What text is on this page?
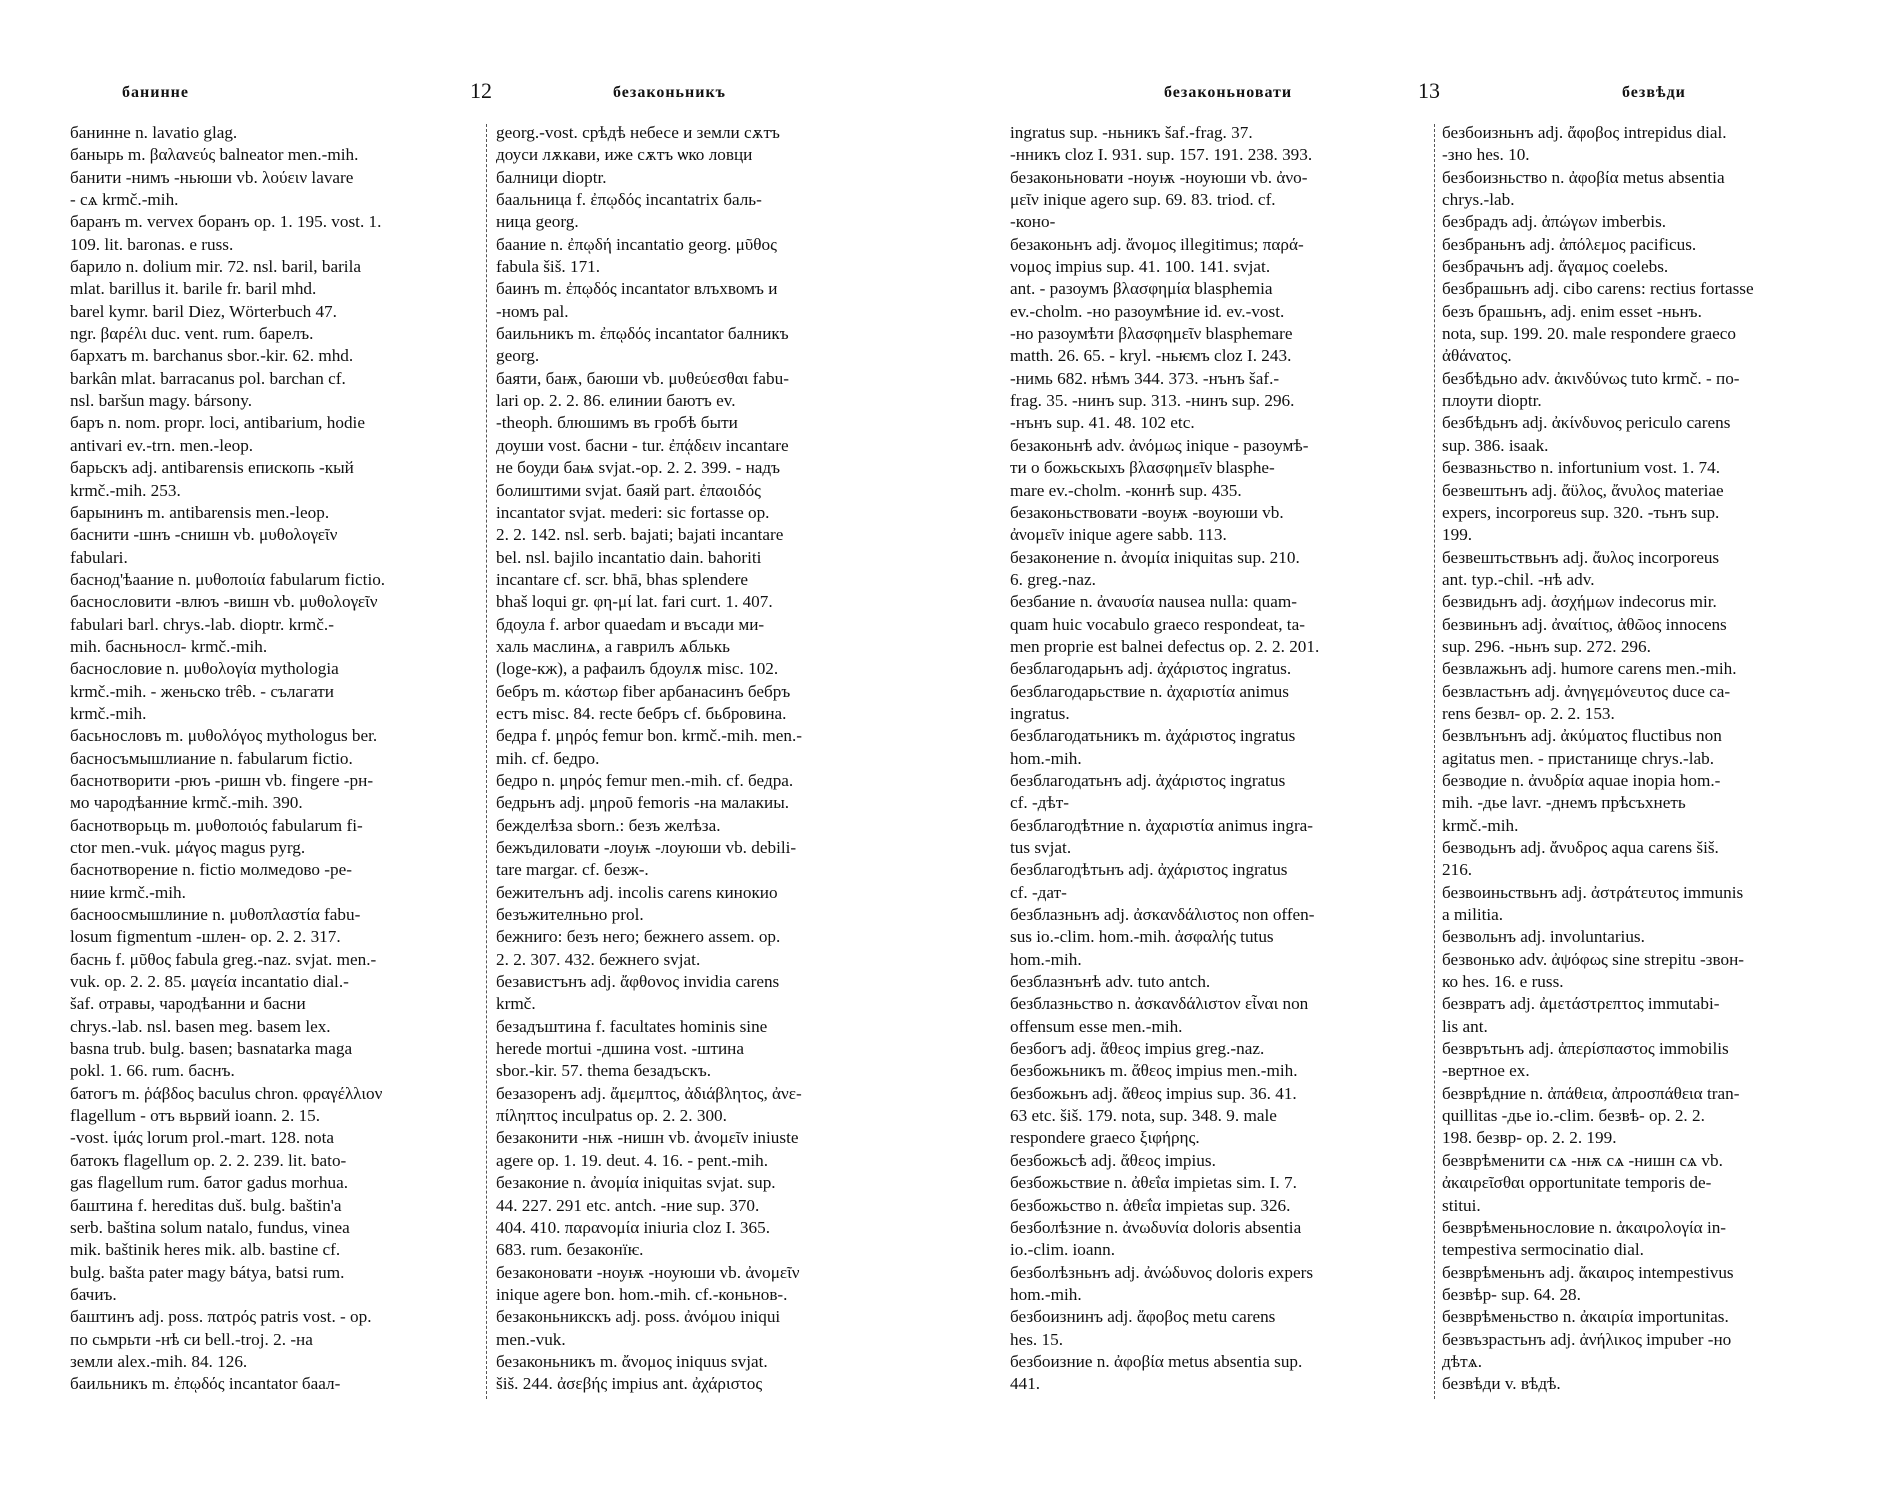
банинне	12	безаконьникъ
банинне n. lavatio glag.
банырь m. βαλανεύς balneator men.-mih.
банити -нимъ -ньюши vb. λούειν lavare
- сѧ krmč.-mih.
баранъ m. vervex боранъ op. 1. 195. vost. 1.
109. lit. baronas. e russ.
барило n. dolium mir. 72. nsl. baril, barila
mlat. barillus it. barile fr. baril mhd.
barel kymr. baril Diez, Wörterbuch 47.
ngr. βαρέλι duc. vent. rum. барелъ.
бархатъ m. barchanus sbor.-kir. 62. mhd.
barkân mlat. barracanus pol. barchan cf.
nsl. baršun magy. bársony.
баръ n. nom. propr. loci, antibarium, hodie
antivari ev.-trn. men.-leop.
барьскъ adj. antibarensis епископь -кый
krmč.-mih. 253.
барынинъ m. antibarensis men.-leop.
баснити -шнъ -снишн vb. μυθολογεῖν
fabulari.
баснод'ѣаание n. μυθοποιία fabularum fictio.
баснословити -влюъ -вишн vb. μυθολογεῖν
fabulari barl. chrys.-lab. dioptr. krmč.-
mih. басньносл- krmč.-mih.
баснословие n. μυθολογία mythologia
krmč.-mih. - женьско trêb. - сълагати
krmč.-mih.
басьнословъ m. μυθολόγος mythologus ber.
басносъмышлиание n. fabularum fictio.
баснотворити -рюъ -ришн vb. fingere -рн-
мо чародѣанние krmč.-mih. 390.
баснотворьць m. μυθοποιός fabularum fi-
ctor men.-vuk. μάγος magus pyrg.
баснотворение n. fictio молмедово -ре-
ниие krmč.-mih.
басноосмышлиние n. μυθοπλαστία fabu-
losum figmentum -шлен- op. 2. 2. 317.
баснь f. μῦθος fabula greg.-naz. svjat. men.-
vuk. op. 2. 2. 85. μαγεία incantatio dial.-
šaf. отравы, чародѣанни и басни
chrys.-lab. nsl. basen meg. basem lex.
basna trub. bulg. basen; basnatarka maga
pokl. 1. 66. rum. баснъ.
батогъ m. ῥάβδος baculus chron. φραγέλλιον
flagellum - отъ вьрвий ioann. 2. 15.
-vost. ἱμάς lorum prol.-mart. 128. nota
батокъ flagellum op. 2. 2. 239. lit. bato-
gas flagellum rum. батог gadus morhua.
баштина f. hereditas duš. bulg. baštin'a
serb. baština solum natalo, fundus, vinea
mik. baštinik heres mik. alb. bastine cf.
bulg. bašta pater magy bátya, batsi rum.
бачиъ.
баштинъ adj. poss. πατρός patris vost. - op.
по сьмрьти -нѣ си bell.-troj. 2. -на
земли alex.-mih. 84. 126.
баильникъ m. ἐπῳδός incantator баал-
georg.-vost. срѣдѣ небесе и земли сѫтъ
доуси лѫкави, иже сѫтъ ѡко ловци
балници dioptr.
баальница f. ἐπῳδός incantatrix баль-
ница georg.
баание n. ἐπῳδή incantatio georg. μῦθος
fabula šiš. 171.
баинъ m. ἐπῳδός incantator влъхвомъ и
-номъ pal.
баильникъ m. ἐπῳδός incantator балникъ
georg.
баяти, баѭ, баюши vb. μυθεύεσθαι fabu-
lari op. 2. 2. 86. елинии баютъ ev.
-theoph. блюшимъ въ гробѣ быти
доуши vost. басни - tur. ἐπᾴδειν incantare
не боуди баѩ svjat.-op. 2. 2. 399. - надъ
болиштими svjat. баяй part. ἐπαοιδός
incantator svjat. mederi: sic fortasse op.
2. 2. 142. nsl. serb. bajati; bajati incantare
bel. nsl. bajilo incantatio dain. bahoriti
incantare cf. scr. bhā, bhas splendere
bhaš loqui gr. φη-μί lat. fari curt. 1. 407.
бдоула f. arbor quaedam и въсади ми-
халь маслинѧ, а гаврилъ ѧблькь
(loge-кж), а рафаилъ бдоулѫ misc. 102.
бебръ m. κάστωρ fiber арбанасинъ бебръ
естъ misc. 84. recte бебръ cf. бьбровина.
бедра f. μηρός femur bon. krmč.-mih. men.-
mih. cf. бедро.
бедро n. μηρός femur men.-mih. cf. бедра.
бедрьнъ adj. μηροῦ femoris -на малакиы.
бежделѣза sborn.: безъ желѣза.
бежъдиловати -лоуѭ -лоуюши vb. debili-
tare margar. cf. безж-.
бежителънъ adj. incolis carens кинокио
безъжителньно prol.
бежниго: безъ него; бежнего assem. op.
2. 2. 307. 432. бежнего svjat.
безавистънъ adj. ἄφθονος invidia carens
krmč.
безадъштина f. facultates hominis sine
herede mortui -дшина vost. -штина
sbor.-kir. 57. thema безадъскъ.
безазоренъ adj. ἄμεμπτος, ἀδιάβλητος, ἀνε-
πίληπτος inculpatus op. 2. 2. 300.
безаконити -нѭ -нишн vb. ἀνομεῖν iniuste
agere op. 1. 19. deut. 4. 16. - pent.-mih.
безаконие n. ἀνομία iniquitas svjat. sup.
44. 227. 291 etc. antch. -ние sup. 370.
404. 410. παρανομία iniuria cloz I. 365.
683. rum. безаконїѥ.
безаконовати -ноуѭ -ноуюши vb. ἀνομεῖν
inique agere bon. hom.-mih. cf.-коньнов-.
безаконьникскъ adj. poss. ἀνόμου iniqui
men.-vuk.
безаконьникъ m. ἄνομος iniquus svjat.
šiš. 244. ἀσεβής impius ant. ἀχάριστος
безаконьновати	13	безвѣди
ingratus sup. -ньникъ šaf.-frag. 37.
-нникъ cloz I. 931. sup. 157. 191. 238. 393.
безаконьновати -ноуѭ -ноуюши vb. ἀνο-
μεῖν inique agero sup. 69. 83. triod. cf.
-коно-
безаконьнъ adj. ἄνομος illegitimus; παρά-
νομος impius sup. 41. 100. 141. svjat.
ant. - разоумъ βλασφημία blasphemia
ev.-cholm. -но разоумѣние id. ev.-vost.
-но разоумѣти βλασφημεῖν blasphemare
matth. 26. 65. - kryl. -ньѥмъ cloz I. 243.
-нимь 682. нѣмъ 344. 373. -нънъ šaf.-
frag. 35. -нинъ sup. 313. -нинъ sup. 296.
-нънъ sup. 41. 48. 102 etc.
безаконьнѣ adv. ἀνόμως inique - разоумѣ-
ти о божьскыхъ βλασφημεῖν blasphe-
mare ev.-cholm. -коннѣ sup. 435.
безаконьствовати -воуѭ -воуюши vb.
ἀνομεῖν inique agere sabb. 113.
безаконение n. ἀνομία iniquitas sup. 210.
6. greg.-naz.
безбание n. ἀναυσία nausea nulla: quam-
quam huic vocabulo graeco respondeat, ta-
men proprie est balnei defectus op. 2. 2. 201.
безблагодарьнъ adj. ἀχάριστος ingratus.
безблагодарьствие n. ἀχαριστία animus
ingratus.
безблагодатьникъ m. ἀχάριστος ingratus
hom.-mih.
безблагодатьнъ adj. ἀχάριστος ingratus
cf. -дѣт-
безблагодѣтние n. ἀχαριστία animus ingra-
tus svjat.
безблагодѣтьнъ adj. ἀχάριστος ingratus
cf. -дат-
безблазньнъ adj. ἀσκανδάλιστος non offen-
sus io.-clim. hom.-mih. ἀσφαλής tutus
hom.-mih.
безблазнънѣ adv. tuto antch.
безблазньство n. ἀσκανδάλιστον εἶναι non
offensum esse men.-mih.
безбогъ adj. ἄθεος impius greg.-naz.
безбожьникъ m. ἄθεος impius men.-mih.
безбожьнъ adj. ἄθεος impius sup. 36. 41.
63 etc. šiš. 179. nota, sup. 348. 9. male
respondere graeco ξιφήρης.
безбожьсѣ adj. ἄθεος impius.
безбожьствие n. ἀθεΐα impietas sim. I. 7.
безбожьство n. ἀθεΐα impietas sup. 326.
безболѣзние n. ἀνωδυνία doloris absentia
io.-clim. ioann.
безболѣзньнъ adj. ἀνώδυνος doloris expers
hom.-mih.
безбоизнинъ adj. ἄφοβος metu carens
hes. 15.
безбоизние n. ἀφοβία metus absentia sup.
441.
безбоизньнъ adj. ἄφοβος intrepidus dial.
-зно hes. 10.
безбоизньство n. ἀφοβία metus absentia
chrys.-lab.
безбрадъ adj. ἀπώγων imberbis.
безбраньнъ adj. ἀπόλεμος pacificus.
безбрачьнъ adj. ἄγαμος coelebs.
безбрашьнъ adj. cibo carens: rectius fortasse
безъ брашьнъ, adj. enim esset -ньнъ.
nota, sup. 199. 20. male respondere graeco
ἀθάνατος.
безбѣдьно adv. ἀκινδύνως tuto krmč. - по-
плоути dioptr.
безбѣдьнъ adj. ἀκίνδυνος periculo carens
sup. 386. isaak.
безвазньство n. infortunium vost. 1. 74.
безвештьнъ adj. ἄϋλος, ἄνυλος materiae
expers, incorporeus sup. 320. -тьнъ sup.
199.
безвештьствьнъ adj. ἄυλος incorporeus
ant. typ.-chil. -нѣ adv.
безвидьнъ adj. ἀσχήμων indecorus mir.
безвиньнъ adj. ἀναίτιος, ἀθῶος innocens
sup. 296. -ньнъ sup. 272. 296.
безвлажьнъ adj. humore carens men.-mih.
безвластьнъ adj. ἀνηγεμόνευτος duce ca-
rens безвл- op. 2. 2. 153.
безвлънънъ adj. ἀκύματος fluctibus non
agitatus men. - пристанище chrys.-lab.
безводие n. ἀνυδρία aquae inopia hom.-
mih. -дье lavr. -днемъ прѣсъхнеть
krmč.-mih.
безводьнъ adj. ἄνυδρος aqua carens šiš.
216.
безвоиньствьнъ adj. ἀστράτευτος immunis
a militia.
безвольнъ adj. involuntarius.
безвонько adv. ἀψόφως sine strepitu -звон-
ко hes. 16. e russ.
безвратъ adj. ἀμετάστρεπτος immutabi-
lis ant.
безврътьнъ adj. ἀπερίσπαστος immobilis
-вертное ex.
безврѣдние n. ἀπάθεια, ἀπροσπάθεια tran-
quillitas -дье io.-clim. безвѣ- op. 2. 2.
198. безвр- op. 2. 2. 199.
безврѣменити сѧ -нѭ сѧ -нишн сѧ vb.
ἀκαιρεῖσθαι opportunitate temporis de-
stitui.
безврѣменьнословие n. ἀκαιρολογία in-
tempestiva sermocinatio dial.
безврѣменьнъ adj. ἄκαιρος intempestivus
безвѣр- sup. 64. 28.
безврѣменьство n. ἀκαιρία importunitas.
безвъзрастьнъ adj. ἀνήλικος impuber -но
дѣтѧ.
безвѣди v. вѣдѣ.
